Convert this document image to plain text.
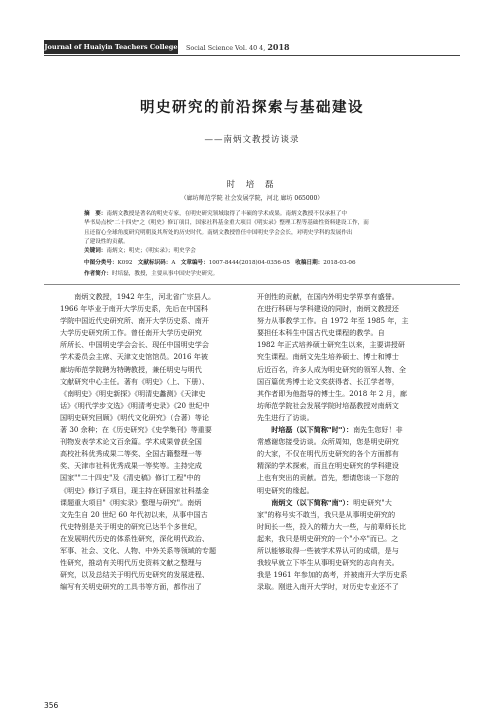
Journal of Huaiyin Teachers College Social Science Vol. 40 4, 2018
明史研究的前沿探索与基础建设
——南炳文教授访谈录
时 培 磊
（廊坊师范学院 社会发展学院，河北 廊坊 065000）
摘　要：南炳文教授是著名的明史专家，在明史研究领域取得了丰硕的学术成果。南炳文教授不仅承担了中
华书局点校"二十四史"之《明史》修订项目，国家社科基金重大项目《明实录》整理工程等基础性资料建设工作，而
且还留心全球角度研究明朝及其所处的历史时代。南炳文教授曾任中国明史学会会长，对明史学科的发展作出
了建设性的贡献。
关键词：南炳文；明史；《明实录》；明史学会
中图分类号：K092 文献标识码：A 文章编号：1007-8444(2018)04-0356-05 收稿日期：2018-03-06
作者简介：时培磊，教授，主要从事中国史学史研究。
　　南炳文教授，1942 年生，河北省广宗县人。
1966 年毕业于南开大学历史系，先后在中国科
学院中国近代史研究所、南开大学历史系、南开
大学历史研究所工作。曾任南开大学历史研究
所所长、中国明史学会会长、现任中国明史学会
学术委员会主席、天津文史馆馆员。2016 年被
廊坊师范学院聘为特聘教授，兼任明史与明代
文献研究中心主任。著有《明史》（上、下册）、
《南明史》《明史新探》《明清史蠡测》《天津史
话》《明代学步文选》《明清考史录》《20 世纪中
国明史研究回顾》《明代文化研究》（合著）等论
著 30 余种；在《历史研究》《史学集刊》等重要
刊物发表学术论文百余篇。学术成果曾获全国
高校社科优秀成果二等奖、全国古籍整理一等
奖、天津市社科优秀成果一等奖等。主持完成
国家""二十四史"及《清史稿》修订工程"中的
《明史》修订子项目，现主持在研国家社科基金
课题重大项目"《明实录》整理与研究"。南炳
文先生自 20 世纪 60 年代初以来，从事中国古
代史特别是关于明史的研究已达半个多世纪，
在发展明代历史的体系性研究，深化明代政治、
军事、社会、文化、人物、中外关系等领域的专题
性研究，推动有关明代历史资料文献之整理与
研究，以及总结关于明代历史研究的发展进程、
编写有关明史研究的工具书等方面，都作出了
开创性的贡献，在国内外明史学界享有盛誉。
在进行科研与学科建设的同时，南炳文教授还
努力从事教学工作。自 1972 年至 1985 年，主
要担任本科生中国古代史课程的教学。自
1982 年正式培养硕士研究生以来，主要讲授研
究生课程。南炳文先生培养硕士、博士和博士
后近百名，许多人成为明史研究的领军人物、全
国百篇优秀博士论文奖获得者、长江学者等，
其作者即为他指导的博士生。2018 年 2 月，廊
坊师范学院社会发展学院时培磊教授对南炳文
先生进行了访谈。
　　时培磊（以下简称"时"）：南先生您好！非
常感谢您接受访谈。众所周知，您是明史研究
的大家，不仅在明代历史研究的各个方面都有
精深的学术探索，而且在明史研究的学科建设
上也有突出的贡献。首先，想请您谈一下您的
明史研究的缘起。
　　南炳文（以下简称"南"）：明史研究"大
家"的称号实不敢当，我只是从事明史研究的
时间长一些，投入的精力大一些，与前辈师长比
起来，我只是明史研究的一个"小卒"而已。之
所以能够取得一些被学术界认可的成绩，是与
我较早就立下毕生从事明史研究的志向有关。
我是 1961 年参加的高考，并被南开大学历史系
录取。刚进入南开大学时，对历史专业还不了
356
